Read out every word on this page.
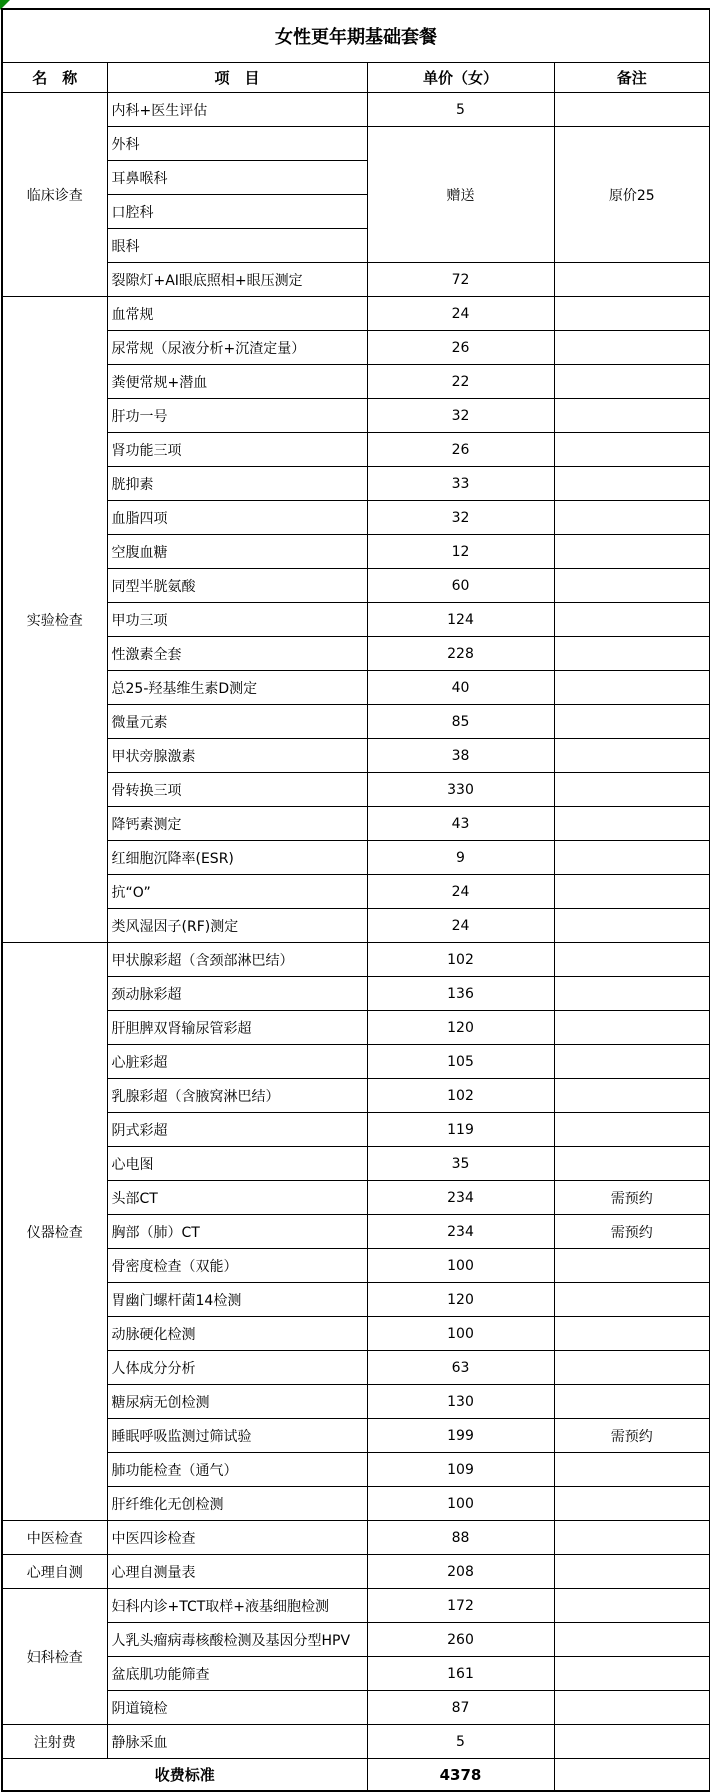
女性更年期基础套餐			
名　称	项　目	单价（女）	备注
临床诊查	内科+医生评估	5	
	外科	赠送	原价25
	耳鼻喉科		
	口腔科		
	眼科		
	裂隙灯+AI眼底照相+眼压测定	72	
实验检查	血常规	24	
	尿常规（尿液分析+沉渣定量）	26	
	粪便常规+潜血	22	
	肝功一号	32	
	肾功能三项	26	
	胱抑素	33	
	血脂四项	32	
	空腹血糖	12	
	同型半胱氨酸	60	
	甲功三项	124	
	性激素全套	228	
	总25-羟基维生素D测定	40	
	微量元素	85	
	甲状旁腺激素	38	
	骨转换三项	330	
	降钙素测定	43	
	红细胞沉降率(ESR)	9	
	抗“O”	24	
	类风湿因子(RF)测定	24	
仪器检查	甲状腺彩超（含颈部淋巴结）	102	
	颈动脉彩超	136	
	肝胆脾双肾输尿管彩超	120	
	心脏彩超	105	
	乳腺彩超（含腋窝淋巴结）	102	
	阴式彩超	119	
	心电图	35	
	头部CT	234	需预约
	胸部（肺）CT	234	需预约
	骨密度检查（双能）	100	
	胃幽门螺杆菌14检测	120	
	动脉硬化检测	100	
	人体成分分析	63	
	糖尿病无创检测	130	
	睡眠呼吸监测过筛试验	199	需预约
	肺功能检查（通气）	109	
	肝纤维化无创检测	100	
中医检查	中医四诊检查	88	
心理自测	心理自测量表	208	
妇科检查	妇科内诊+TCT取样+液基细胞检测	172	
	人乳头瘤病毒核酸检测及基因分型HPV	260	
	盆底肌功能筛查	161	
	阴道镜检	87	
注射费	静脉采血	5	
收费标准		4378	
